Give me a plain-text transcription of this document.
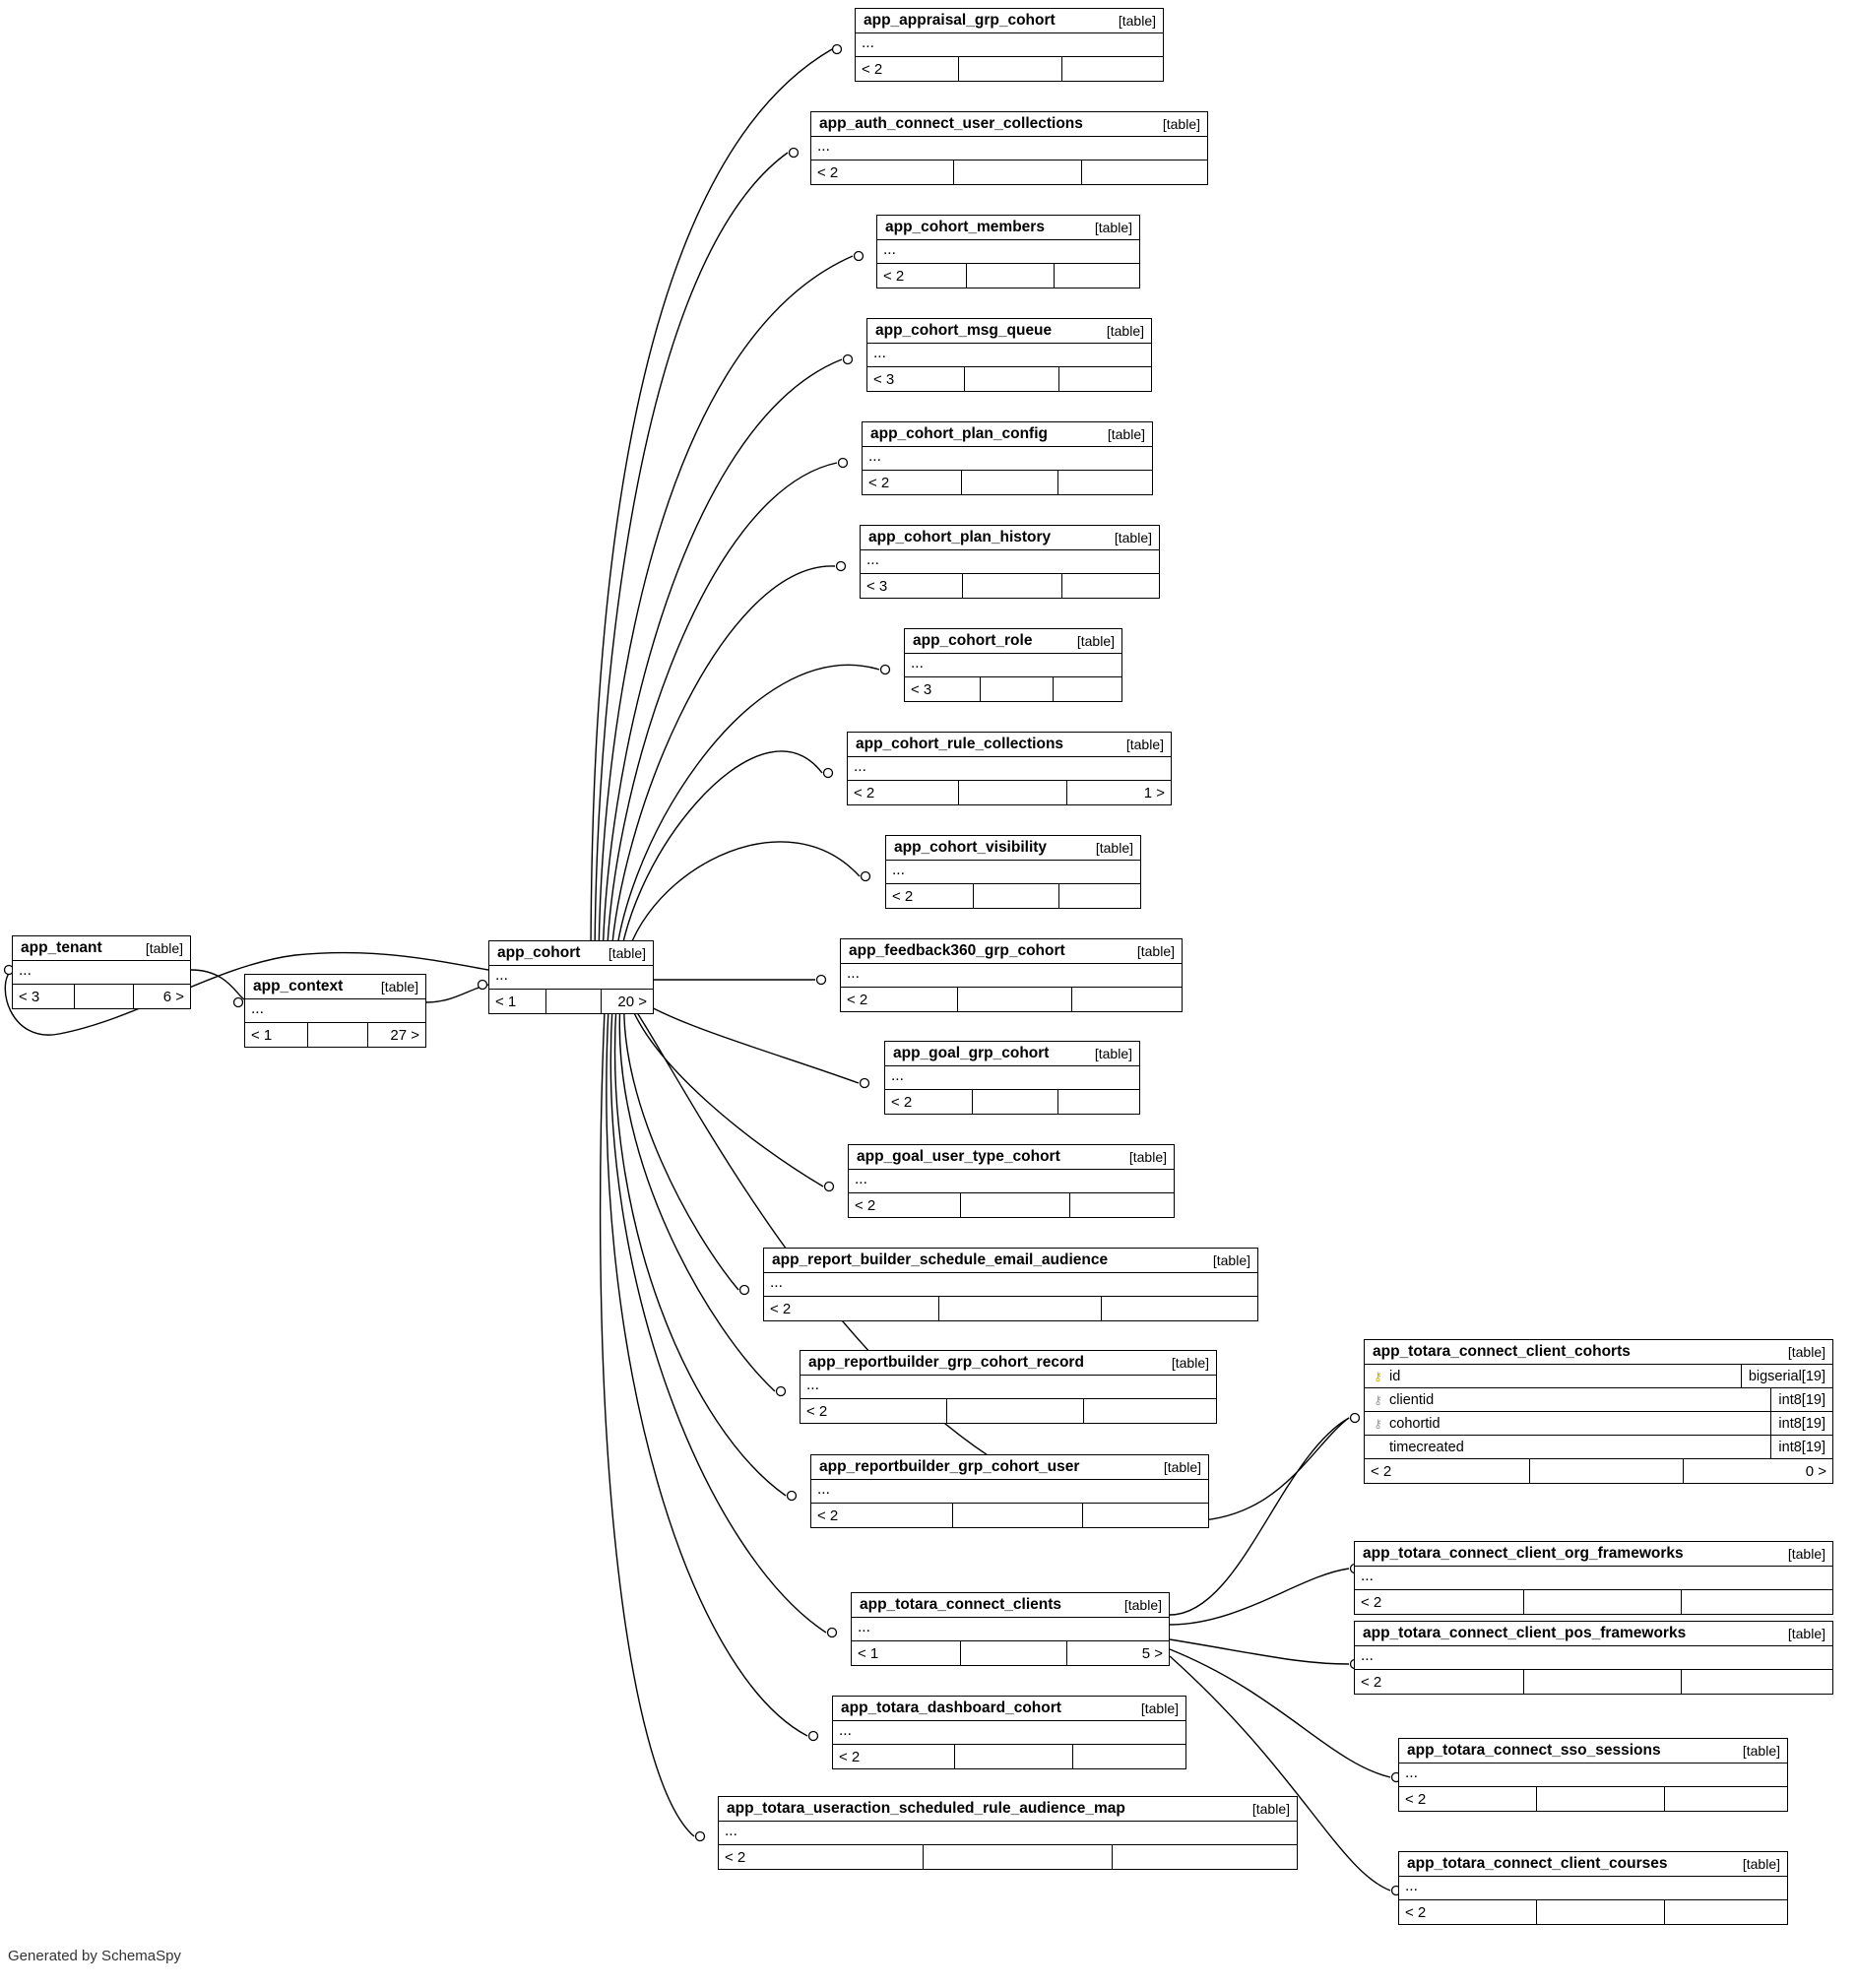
Generated by SchemaSpy
app_appraisal_grp_cohort	[table]
...
< 2
app_auth_connect_user_collections	[table]
...
< 2
app_cohort_members	[table]
...
< 2
app_cohort_msg_queue	[table]
...
< 3
app_cohort_plan_config	[table]
...
< 2
app_cohort_plan_history	[table]
...
< 3
app_cohort_role	[table]
...
< 3
app_cohort_rule_collections	[table]
...
< 2	1 >
app_cohort_visibility	[table]
...
< 2
app_feedback360_grp_cohort	[table]
...
< 2
app_goal_grp_cohort	[table]
...
< 2
app_goal_user_type_cohort	[table]
...
< 2
app_report_builder_schedule_email_audience	[table]
...
< 2
app_reportbuilder_grp_cohort_record	[table]
...
< 2
app_reportbuilder_grp_cohort_user	[table]
...
< 2
app_totara_connect_clients	[table]
...
< 1	5 >
app_totara_dashboard_cohort	[table]
...
< 2
app_totara_useraction_scheduled_rule_audience_map	[table]
...
< 2
app_tenant	[table]
...
< 3	6 >
app_context	[table]
...
< 1	27 >
app_cohort	[table]
...
< 1	20 >
app_totara_connect_client_org_frameworks	[table]
...
< 2
app_totara_connect_client_pos_frameworks	[table]
...
< 2
app_totara_connect_sso_sessions	[table]
...
< 2
app_totara_connect_client_courses	[table]
...
< 2
app_totara_connect_client_cohorts	[table]
⚷ id	bigserial[19]
⚷ clientid	int8[19]
⚷ cohortid	int8[19]
timecreated	int8[19]
< 2	0 >
